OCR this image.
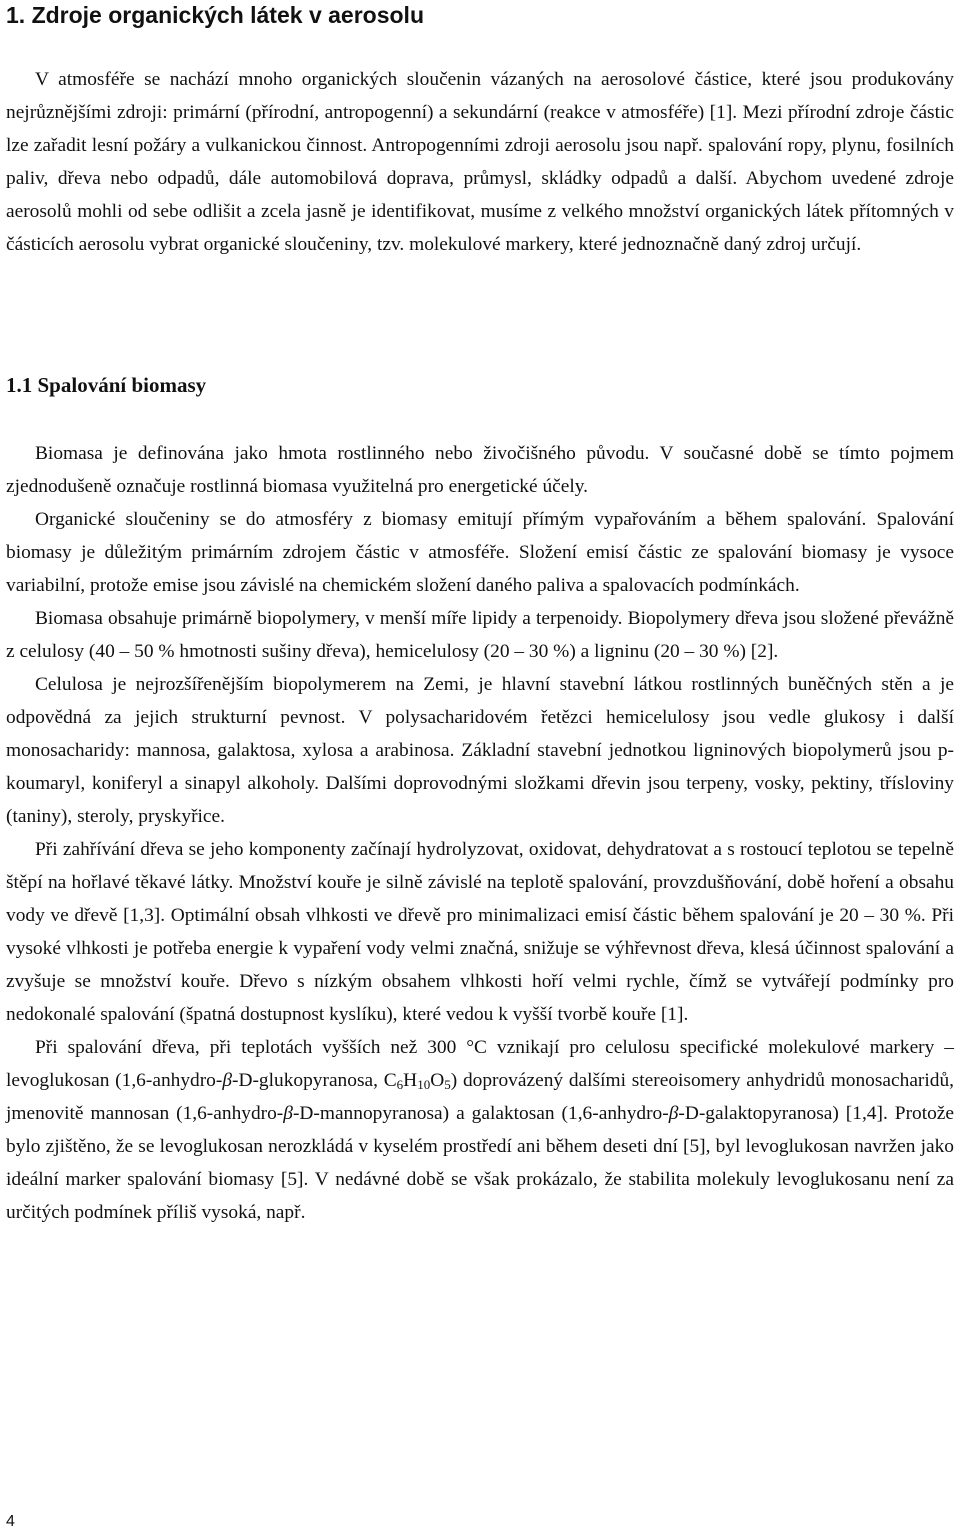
1. Zdroje organických látek v aerosolu

V atmosféře se nachází mnoho organických sloučenin vázaných na aerosolové částice, které jsou produkovány nejrůznějšími zdroji: primární (přírodní, antropogenní) a sekundární (reakce v atmosféře) [1]. Mezi přírodní zdroje částic lze zařadit lesní požáry a vulkanickou činnost. Antropogenními zdroji aerosolu jsou např. spalování ropy, plynu, fosilních paliv, dřeva nebo odpadů, dále automobilová doprava, průmysl, skládky odpadů a další. Abychom uvedené zdroje aerosolů mohli od sebe odlišit a zcela jasně je identifikovat, musíme z velkého množství organických látek přítomných v částicích aerosolu vybrat organické sloučeniny, tzv. molekulové markery, které jednoznačně daný zdroj určují.

1.1 Spalování biomasy

Biomasa je definována jako hmota rostlinného nebo živočišného původu. V současné době se tímto pojmem zjednodušeně označuje rostlinná biomasa využitelná pro energetické účely.

Organické sloučeniny se do atmosféry z biomasy emitují přímým vypařováním a během spalování. Spalování biomasy je důležitým primárním zdrojem částic v atmosféře. Složení emisí částic ze spalování biomasy je vysoce variabilní, protože emise jsou závislé na chemickém složení daného paliva a spalovacích podmínkách.

Biomasa obsahuje primárně biopolymery, v menší míře lipidy a terpenoidy. Biopolymery dřeva jsou složené převážně z celulosy (40 – 50 % hmotnosti sušiny dřeva), hemicelulosy (20 – 30 %) a ligninu (20 – 30 %) [2].

Celulosa je nejrozšířenějším biopolymerem na Zemi, je hlavní stavební látkou rostlinných buněčných stěn a je odpovědná za jejich strukturní pevnost. V polysacharidovém řetězci hemicelulosy jsou vedle glukosy i další monosacharidy: mannosa, galaktosa, xylosa a arabinosa. Základní stavební jednotkou ligninových biopolymerů jsou p-koumaryl, koniferyl a sinapyl alkoholy. Dalšími doprovodnými složkami dřevin jsou terpeny, vosky, pektiny, třísloviny (taniny), steroly, pryskyřice.

Při zahřívání dřeva se jeho komponenty začínají hydrolyzovat, oxidovat, dehydratovat a s rostoucí teplotou se tepelně štěpí na hořlavé těkavé látky. Množství kouře je silně závislé na teplotě spalování, provzdušňování, době hoření a obsahu vody ve dřevě [1,3]. Optimální obsah vlhkosti ve dřevě pro minimalizaci emisí částic během spalování je 20 – 30 %. Při vysoké vlhkosti je potřeba energie k vypaření vody velmi značná, snižuje se výhřevnost dřeva, klesá účinnost spalování a zvyšuje se množství kouře. Dřevo s nízkým obsahem vlhkosti hoří velmi rychle, čímž se vytvářejí podmínky pro nedokonalé spalování (špatná dostupnost kyslíku), které vedou k vyšší tvorbě kouře [1].

Při spalování dřeva, při teplotách vyšších než 300 °C vznikají pro celulosu specifické molekulové markery – levoglukosan (1,6-anhydro-β-D-glukopyranosa, $C_6H_{10}O_5$) doprovázený dalšími stereoisomery anhydridů monosacharidů, jmenovitě mannosan (1,6-anhydro-β-D-mannopyranosa) a galaktosan (1,6-anhydro-β-D-galaktopyranosa) [1,4]. Protože bylo zjištěno, že se levoglukosan nerozkládá v kyselém prostředí ani během deseti dní [5], byl levoglukosan navržen jako ideální marker spalování biomasy [5]. V nedávné době se však prokázalo, že stabilita molekuly levoglukosanu není za určitých podmínek příliš vysoká, např.

4
